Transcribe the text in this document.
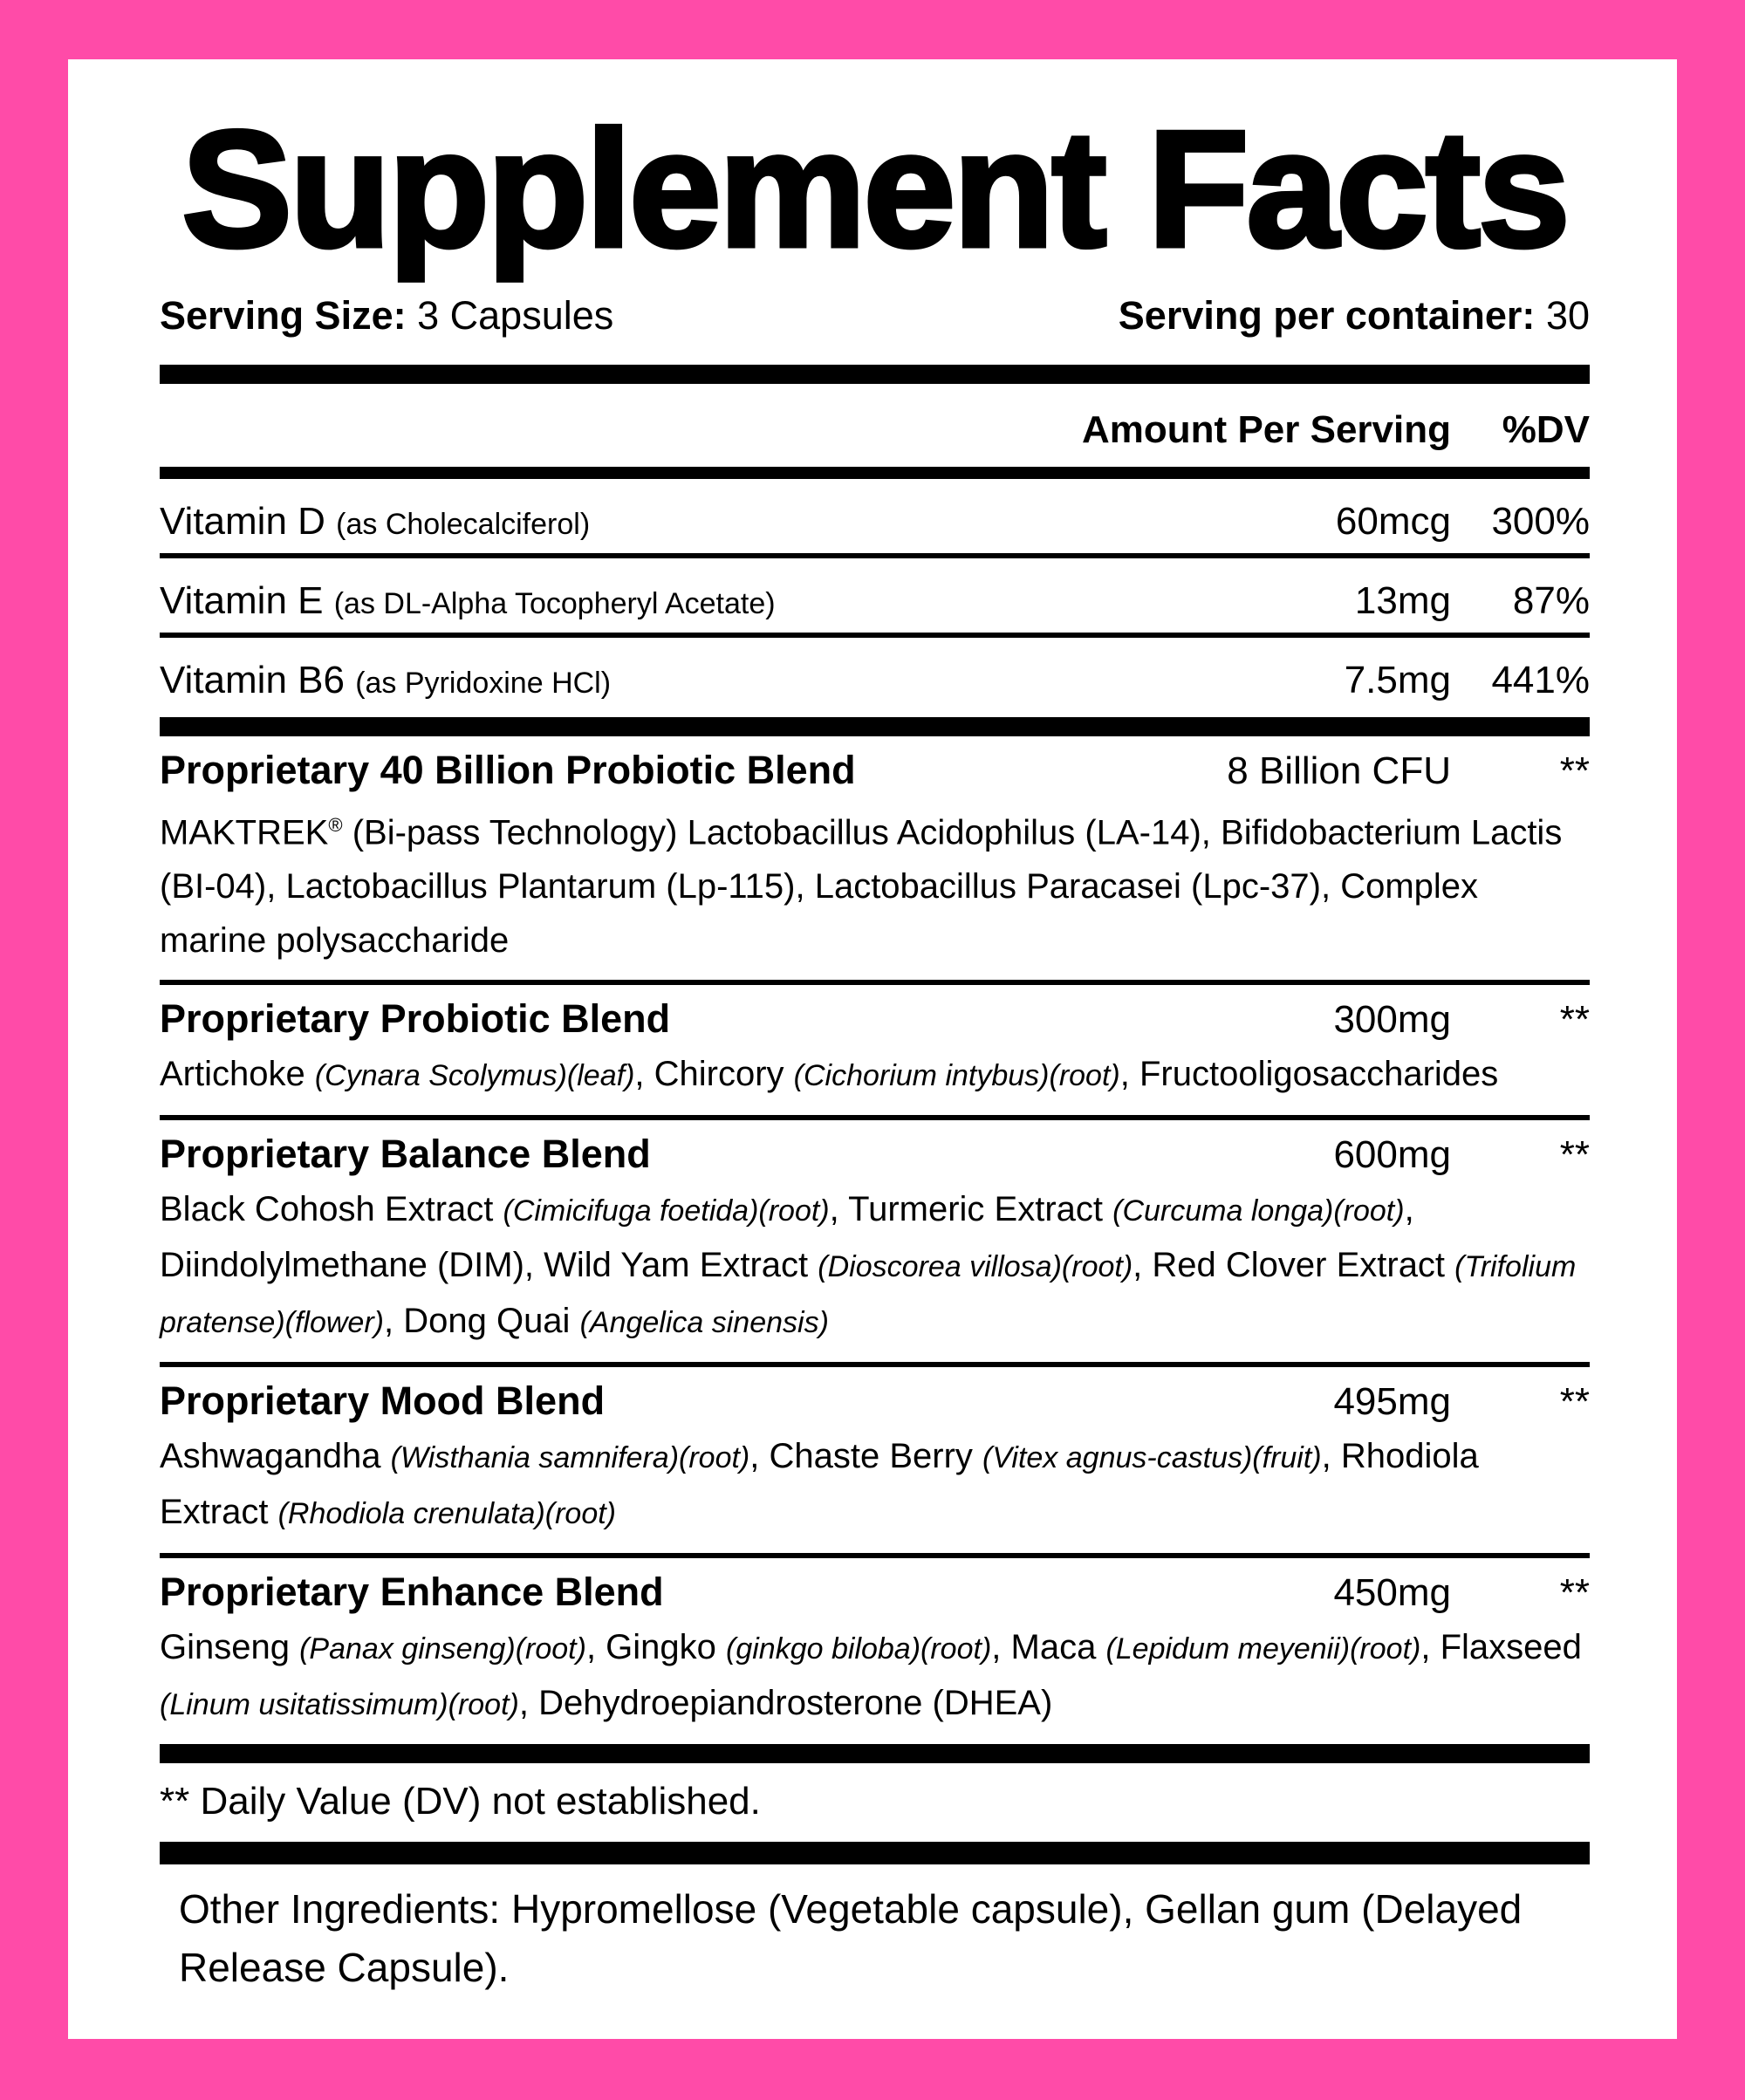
Supplement Facts
Serving Size: 3 Capsules	Serving per container: 30
Amount Per Serving	%DV
Vitamin D (as Cholecalciferol)	60mcg	300%
Vitamin E (as DL-Alpha Tocopheryl Acetate)	13mg	87%
Vitamin B6 (as Pyridoxine HCl)	7.5mg	441%
Proprietary 40 Billion Probiotic Blend	8 Billion CFU	**
MAKTREK® (Bi-pass Technology) Lactobacillus Acidophilus (LA-14), Bifidobacterium Lactis (BI-04), Lactobacillus Plantarum (Lp-115), Lactobacillus Paracasei (Lpc-37), Complex marine polysaccharide
Proprietary Probiotic Blend	300mg	**
Artichoke (Cynara Scolymus)(leaf), Chircory (Cichorium intybus)(root), Fructooligosaccharides
Proprietary Balance Blend	600mg	**
Black Cohosh Extract (Cimicifuga foetida)(root), Turmeric Extract (Curcuma longa)(root), Diindolylmethane (DIM), Wild Yam Extract (Dioscorea villosa)(root), Red Clover Extract (Trifolium pratense)(flower), Dong Quai (Angelica sinensis)
Proprietary Mood Blend	495mg	**
Ashwagandha (Wisthania samnifera)(root), Chaste Berry (Vitex agnus-castus)(fruit), Rhodiola Extract (Rhodiola crenulata)(root)
Proprietary Enhance Blend	450mg	**
Ginseng (Panax ginseng)(root), Gingko (ginkgo biloba)(root), Maca (Lepidum meyenii)(root), Flaxseed (Linum usitatissimum)(root), Dehydroepiandrosterone (DHEA)
** Daily Value (DV) not established.
Other Ingredients: Hypromellose (Vegetable capsule), Gellan gum (Delayed Release Capsule).
